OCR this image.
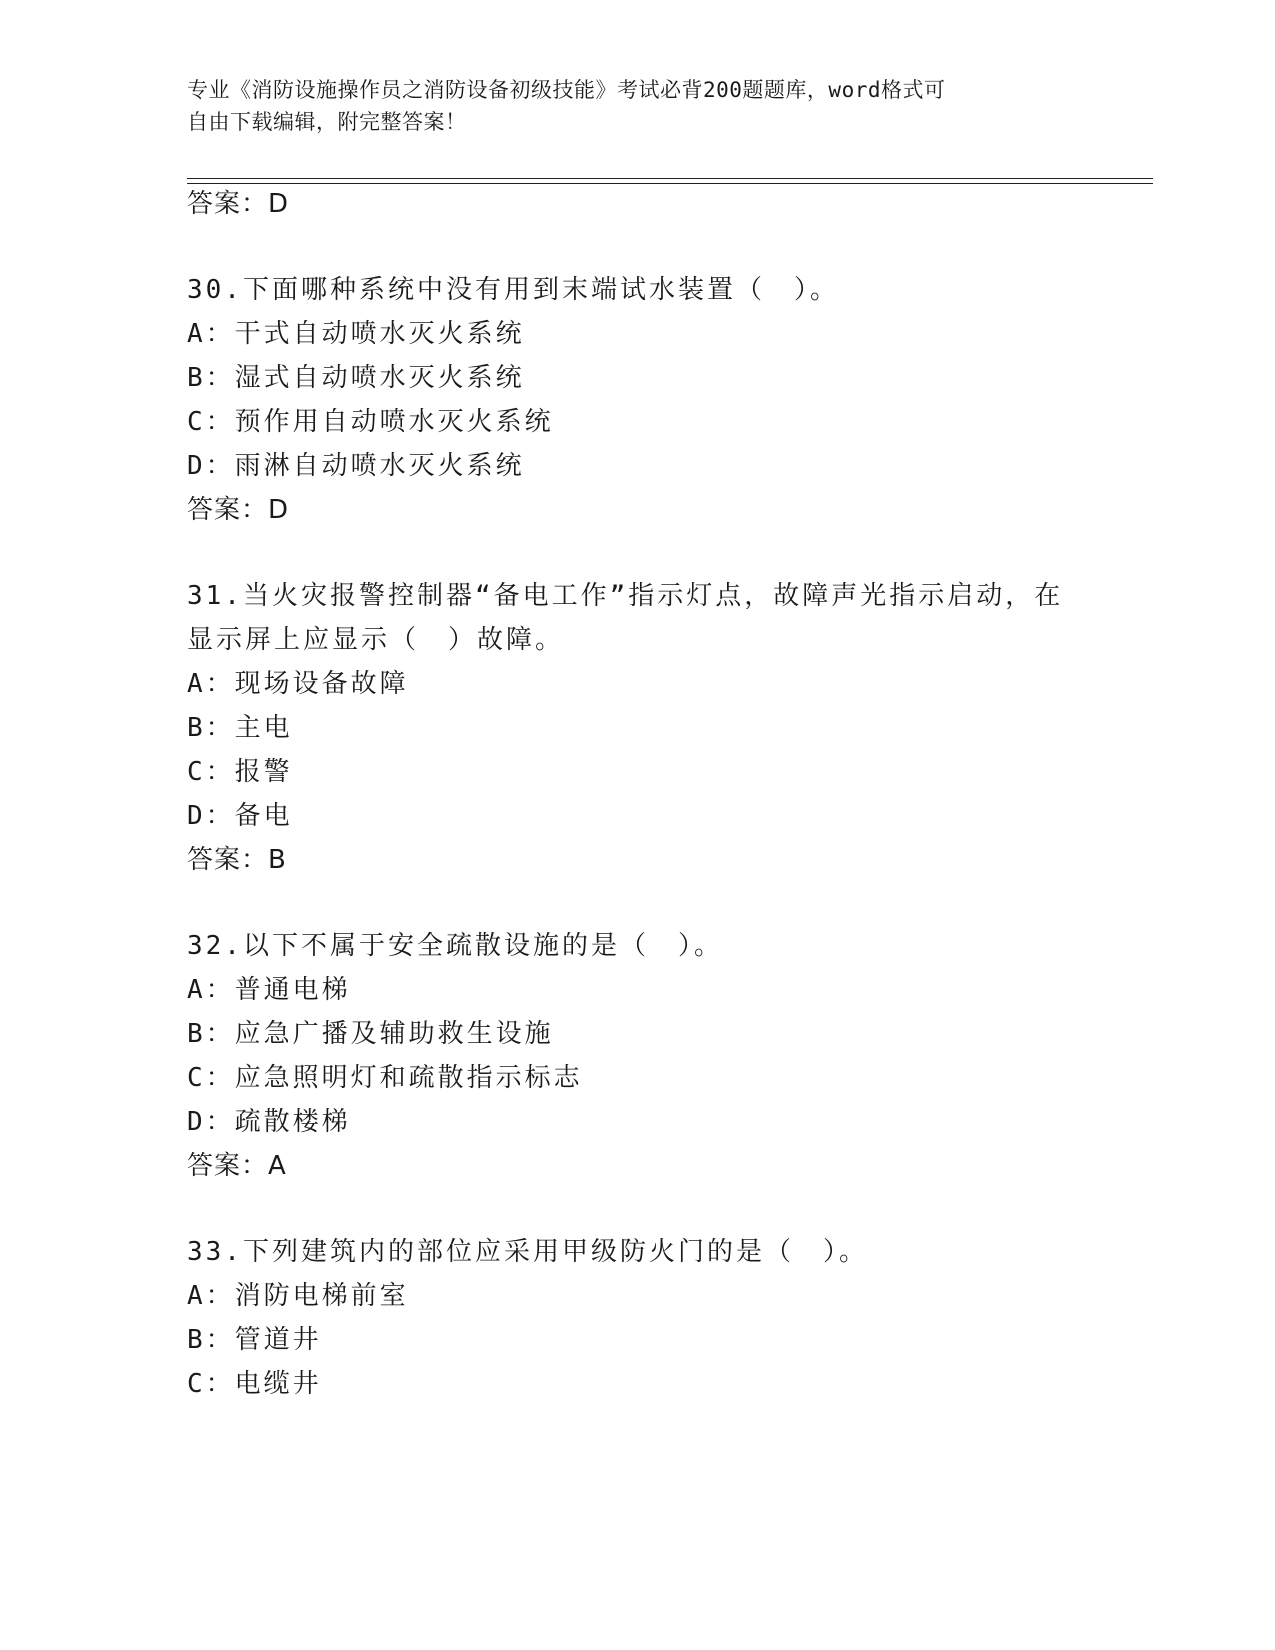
专业《消防设施操作员之消防设备初级技能》考试必背200题题库，word格式可
自由下载编辑，附完整答案！
答案：D
30.下面哪种系统中没有用到末端试水装置（　）。
A：干式自动喷水灭火系统
B：湿式自动喷水灭火系统
C：预作用自动喷水灭火系统
D：雨淋自动喷水灭火系统
答案：D
31.当火灾报警控制器“备电工作”指示灯点，故障声光指示启动，在
显示屏上应显示（　）故障。
A：现场设备故障
B：主电
C：报警
D：备电
答案：B
32.以下不属于安全疏散设施的是（　）。
A：普通电梯
B：应急广播及辅助救生设施
C：应急照明灯和疏散指示标志
D：疏散楼梯
答案：A
33.下列建筑内的部位应采用甲级防火门的是（　）。
A：消防电梯前室
B：管道井
C：电缆井
